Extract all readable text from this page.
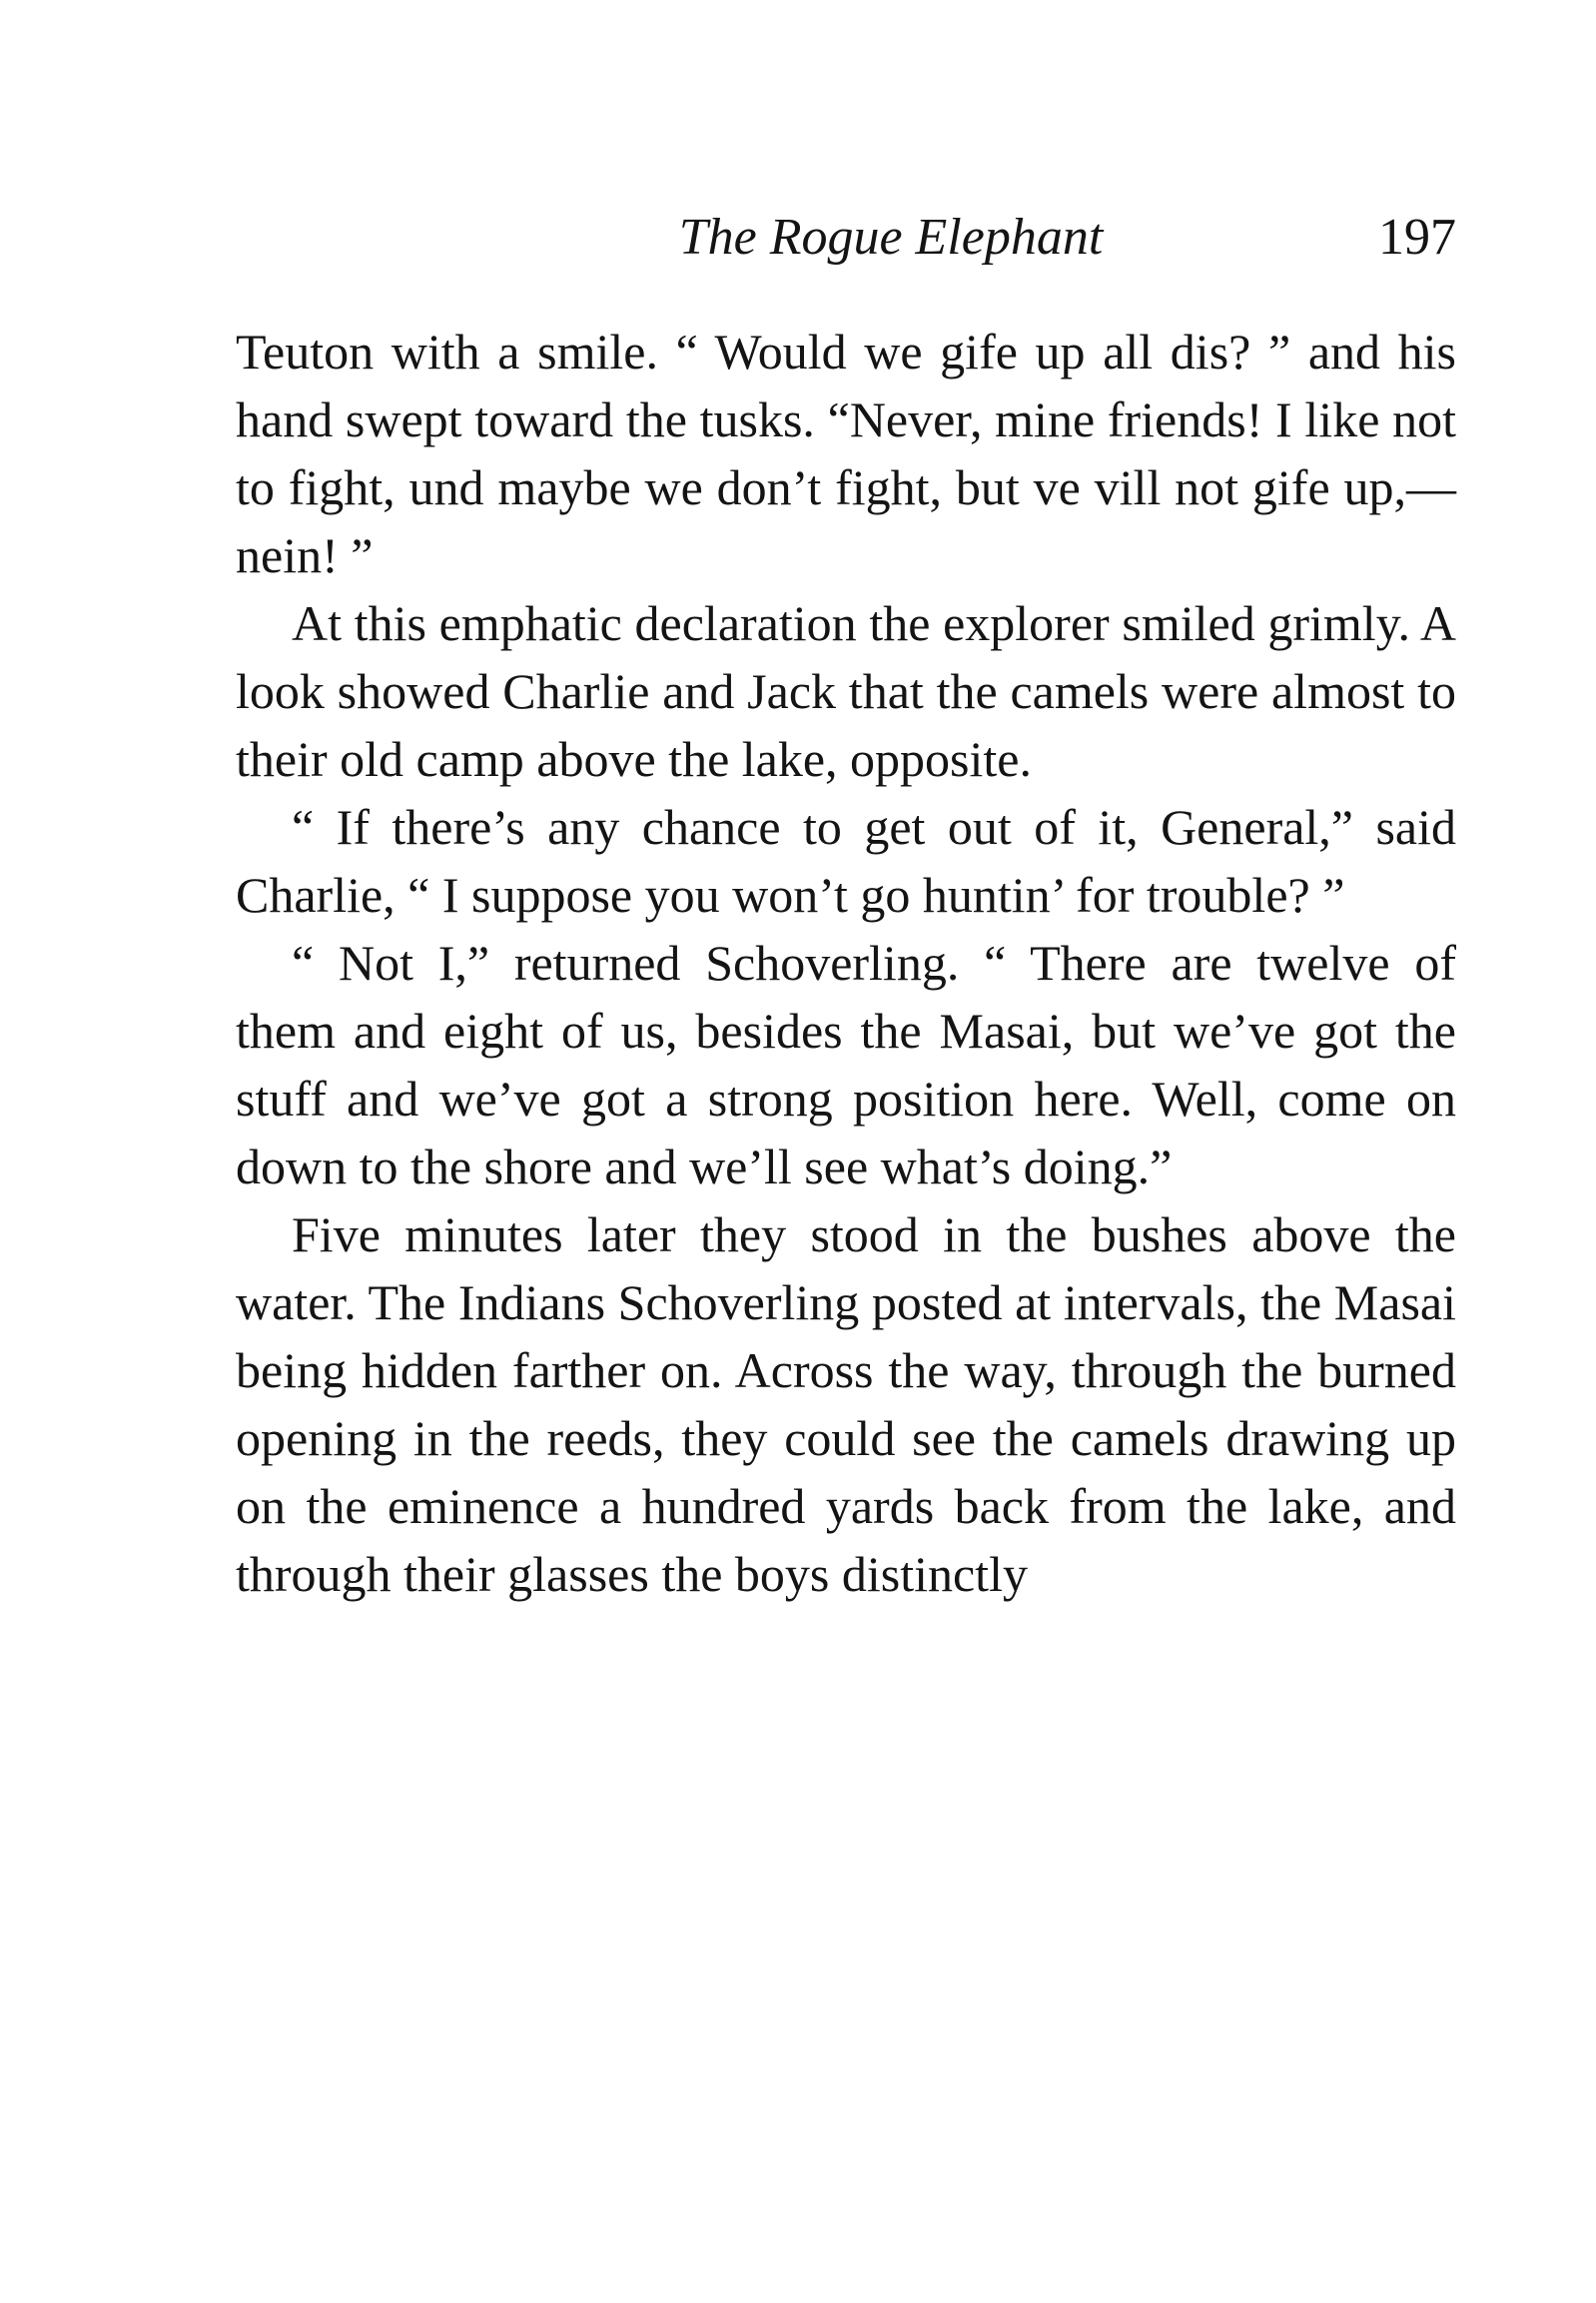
The Rogue Elephant	197

Teuton with a smile. “ Would we gife up all dis? ” and his hand swept toward the tusks. “Never, mine friends! I like not to fight, und maybe we don’t fight, but ve vill not gife up,— nein! ”

At this emphatic declaration the explorer smiled grimly. A look showed Charlie and Jack that the camels were almost to their old camp above the lake, opposite.

“ If there’s any chance to get out of it, General,” said Charlie, “ I suppose you won’t go huntin’ for trouble? ”

“ Not I,” returned Schoverling. “ There are twelve of them and eight of us, besides the Masai, but we’ve got the stuff and we’ve got a strong position here. Well, come on down to the shore and we’ll see what’s doing.”

Five minutes later they stood in the bushes above the water. The Indians Schoverling posted at intervals, the Masai being hidden farther on. Across the way, through the burned opening in the reeds, they could see the camels drawing up on the eminence a hundred yards back from the lake, and through their glasses the boys distinctly
